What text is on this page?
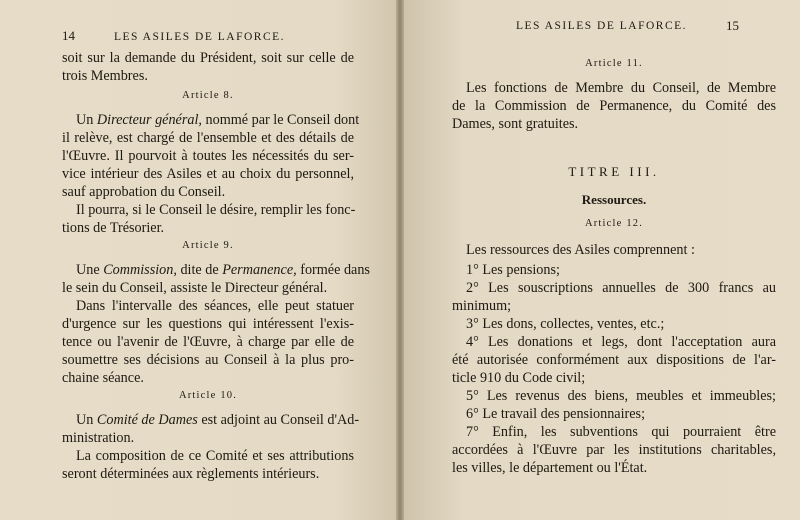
14	LES ASILES DE LAFORCE.
soit sur la demande du Président, soit sur celle de
trois Membres.
Article 8.
Un Directeur général, nommé par le Conseil dont
il relève, est chargé de l'ensemble et des détails de
l'Œuvre. Il pourvoit à toutes les nécessités du ser-
vice intérieur des Asiles et au choix du personnel,
sauf approbation du Conseil.
Il pourra, si le Conseil le désire, remplir les fonc-
tions de Trésorier.
Article 9.
Une Commission, dite de Permanence, formée dans
le sein du Conseil, assiste le Directeur général.
Dans l'intervalle des séances, elle peut statuer
d'urgence sur les questions qui intéressent l'exis-
tence ou l'avenir de l'Œuvre, à charge par elle de
soumettre ses décisions au Conseil à la plus pro-
chaine séance.
Article 10.
Un Comité de Dames est adjoint au Conseil d'Ad-
ministration.
La composition de ce Comité et ses attributions
seront déterminées aux règlements intérieurs.
LES ASILES DE LAFORCE.	15
Article 11.
Les fonctions de Membre du Conseil, de Membre
de la Commission de Permanence, du Comité des
Dames, sont gratuites.
TITRE III.
Ressources.
Article 12.
Les ressources des Asiles comprennent :
1° Les pensions;
2° Les souscriptions annuelles de 300 francs au
minimum;
3° Les dons, collectes, ventes, etc.;
4° Les donations et legs, dont l'acceptation aura
été autorisée conformément aux dispositions de l'ar-
ticle 910 du Code civil;
5° Les revenus des biens, meubles et immeubles;
6° Le travail des pensionnaires;
7° Enfin, les subventions qui pourraient être
accordées à l'Œuvre par les institutions charitables,
les villes, le département ou l'État.
